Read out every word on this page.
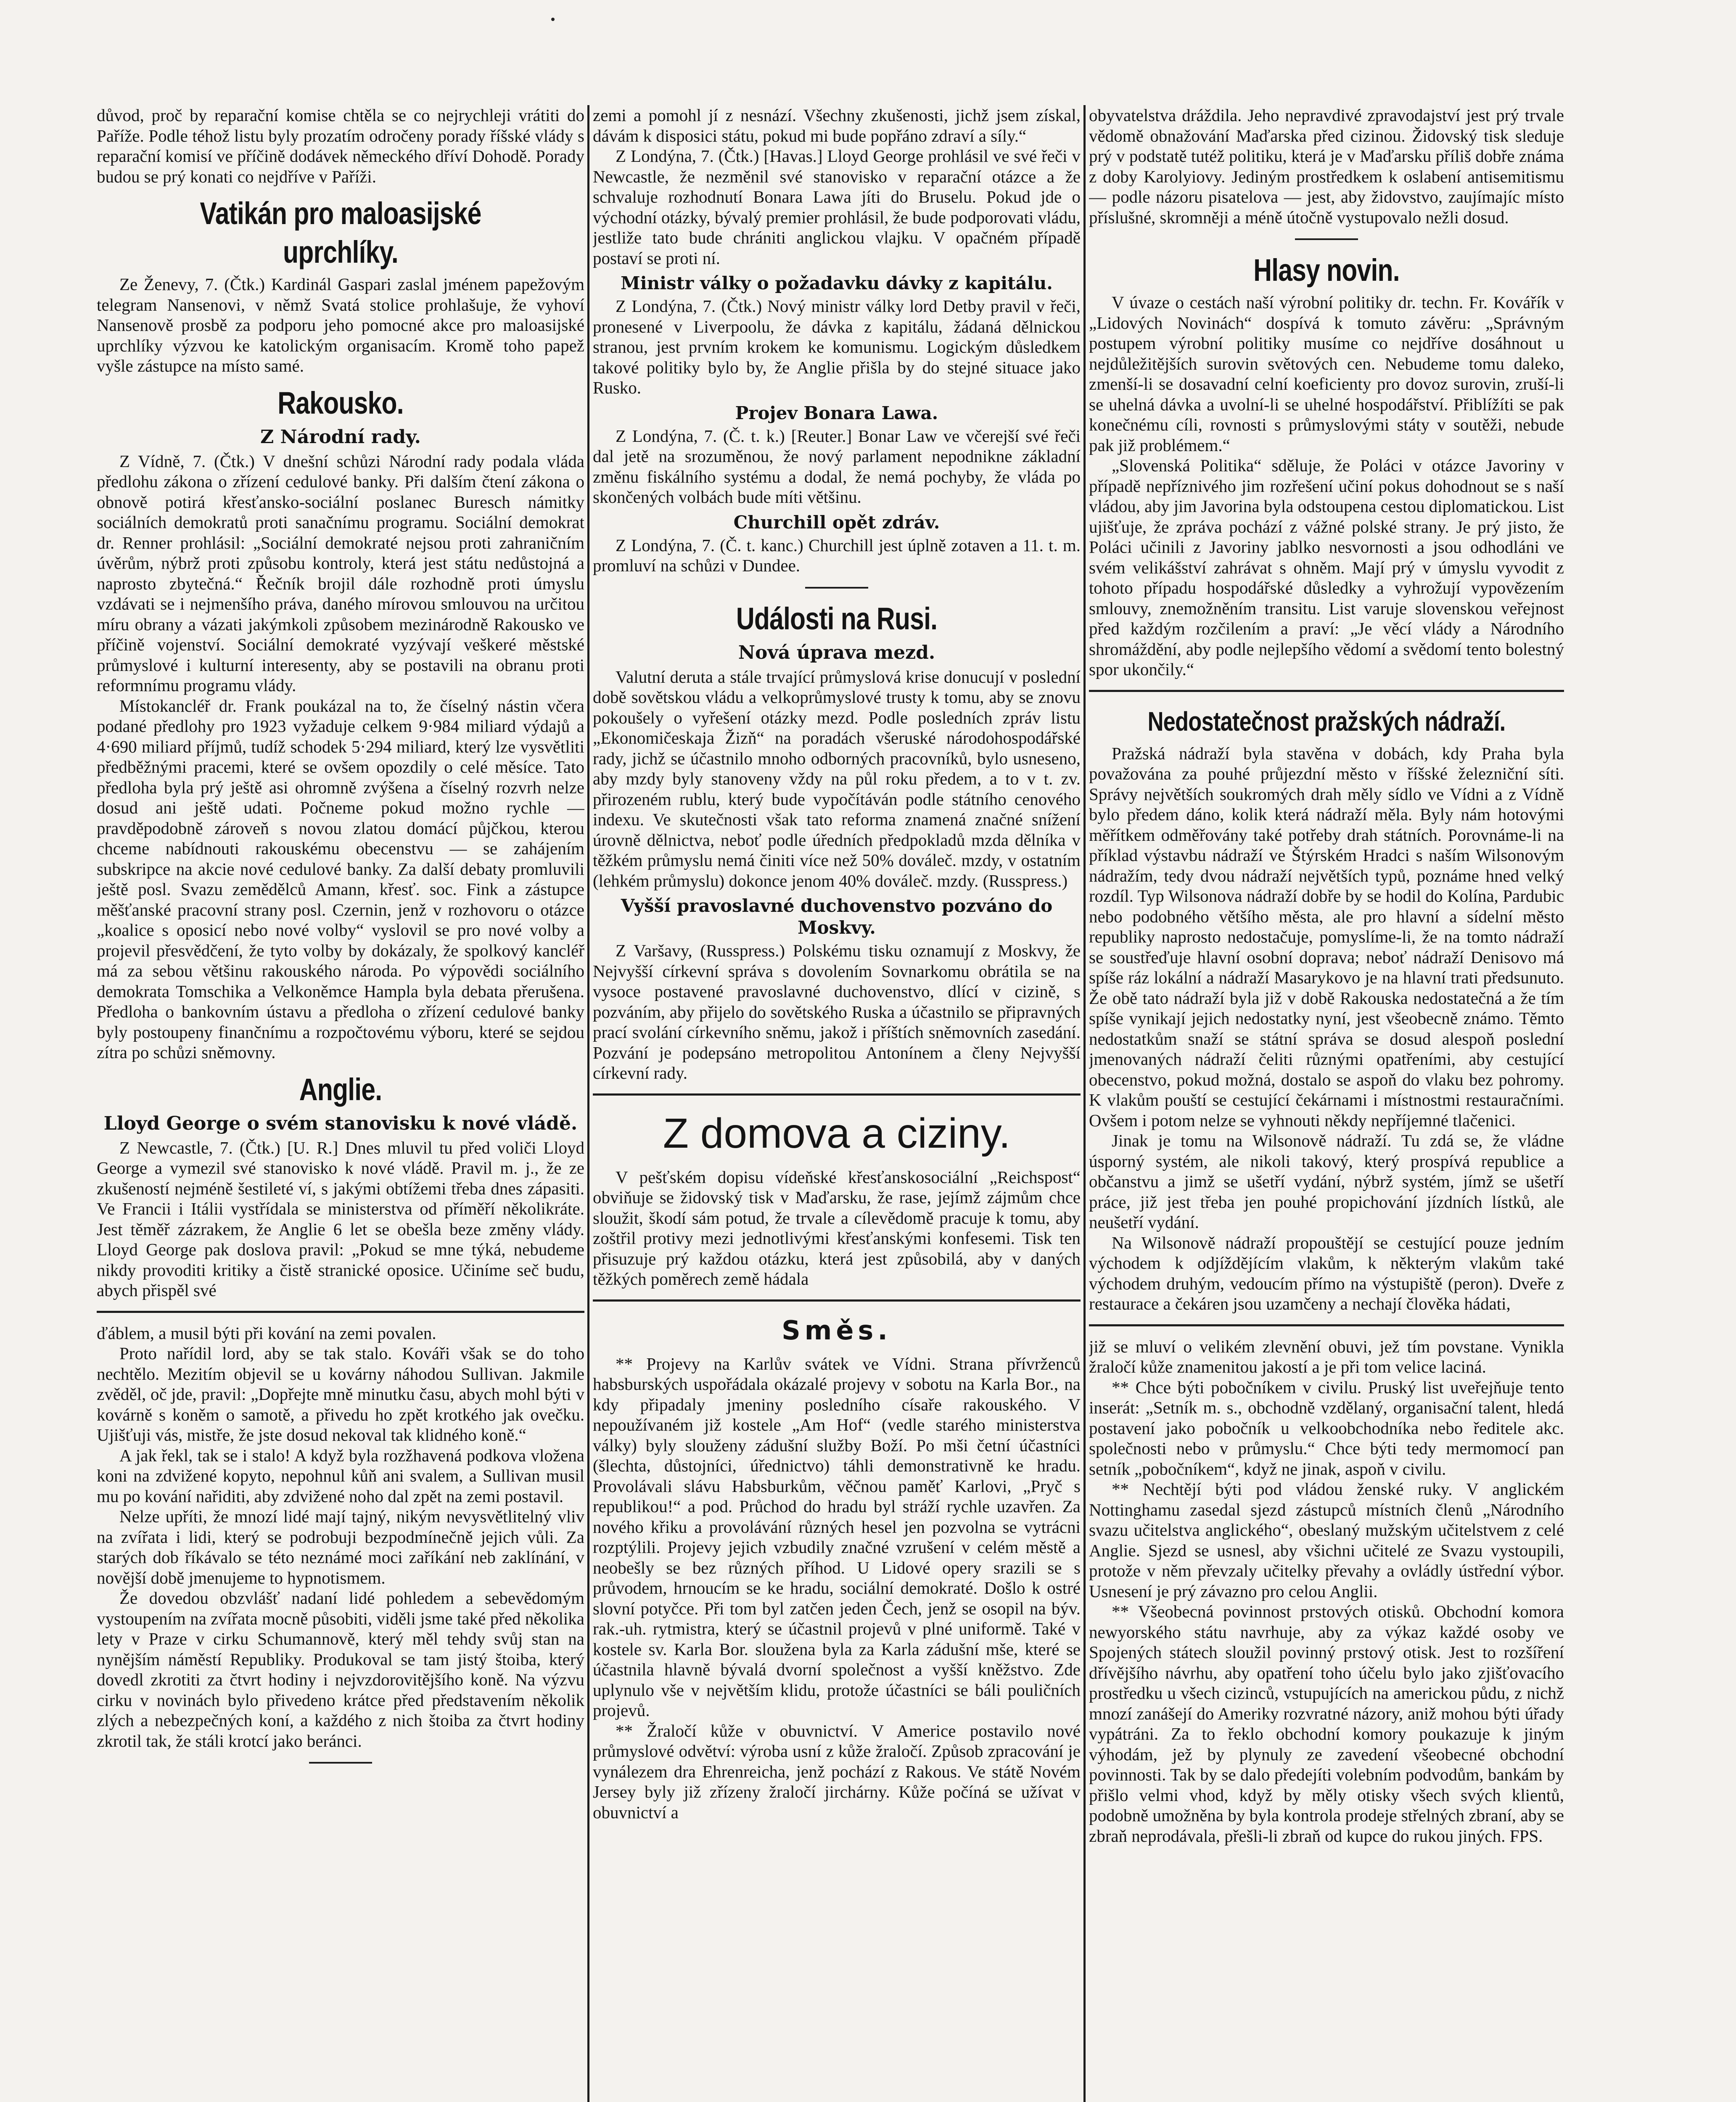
důvod, proč by reparační komise chtěla se co nejrychleji vrátiti do Paříže. Podle téhož listu byly prozatím odročeny porady říšské vlády s reparační komisí ve příčině dodávek německého dříví Dohodě. Porady budou se prý konati co nejdříve v Paříži.

Vatikán pro maloasijské uprchlíky.

Ze Ženevy, 7. (Čtk.) Kardinál Gaspari zaslal jménem papežovým telegram Nansenovi, v němž Svatá stolice prohlašuje, že vyhoví Nansenově prosbě za podporu jeho pomocné akce pro maloasijské uprchlíky výzvou ke katolickým organisacím. Kromě toho papež vyšle zástupce na místo samé.

Rakousko.
Z Národní rady.

Z Vídně, 7. (Čtk.) V dnešní schůzi Národní rady podala vláda předlohu zákona o zřízení cedulové banky. Při dalším čtení zákona o obnově potirá křesťansko-sociální poslanec Buresch námitky sociálních demokratů proti sanačnímu programu. Sociální demokrat dr. Renner prohlásil: „Sociální demokraté nejsou proti zahraničním úvěrům, nýbrž proti způsobu kontroly, která jest státu nedůstojná a naprosto zbytečná.“ Řečník brojil dále rozhodně proti úmyslu vzdávati se i nejmenšího práva, daného mírovou smlouvou na určitou míru obrany a vázati jakýmkoli způsobem mezinárodně Rakousko ve příčině vojenství. Sociální demokraté vyzývají veškeré městské průmyslové i kulturní interesenty, aby se postavili na obranu proti reformnímu programu vlády.

Místokancléř dr. Frank poukázal na to, že číselný nástin včera podané předlohy pro 1923 vyžaduje celkem 9·984 miliard výdajů a 4·690 miliard příjmů, tudíž schodek 5·294 miliard, který lze vysvětliti předběžnými pracemi, které se ovšem opozdily o celé měsíce. Tato předloha byla prý ještě asi ohromně zvýšena a číselný rozvrh nelze dosud ani ještě udati. Počneme pokud možno rychle — pravděpodobně zároveň s novou zlatou domácí půjčkou, kterou chceme nabídnouti rakouskému obecenstvu — se zahájením subskripce na akcie nové cedulové banky. Za další debaty promluvili ještě posl. Svazu zemědělců Amann, křesť. soc. Fink a zástupce měšťanské pracovní strany posl. Czernin, jenž v rozhovoru o otázce „koalice s oposicí nebo nové volby“ vyslovil se pro nové volby a projevil přesvědčení, že tyto volby by dokázaly, že spolkový kancléř má za sebou většinu rakouského národa. Po výpovědi sociálního demokrata Tomschika a Velkoněmce Hampla byla debata přerušena. Předloha o bankovním ústavu a předloha o zřízení cedulové banky byly postoupeny finančnímu a rozpočtovému výboru, které se sejdou zítra po schůzi sněmovny.

Anglie.
Lloyd George o svém stanovisku k nové vládě.

Z Newcastle, 7. (Čtk.) [U. R.] Dnes mluvil tu před voliči Lloyd George a vymezil své stanovisko k nové vládě. Pravil m. j., že ze zkušeností nejméně šestileté ví, s jakými obtížemi třeba dnes zápasiti. Ve Francii i Itálii vystřídala se ministerstva od příměří několikráte. Jest těměř zázrakem, že Anglie 6 let se obešla beze změny vlády. Lloyd George pak doslova pravil: „Pokud se mne týká, nebudeme nikdy provoditi kritiky a čistě stranické oposice. Učiníme seč budu, abych přispěl své

ďáblem, a musil býti při kování na zemi povalen.

Proto nařídil lord, aby se tak stalo. Kováři však se do toho nechtělo. Mezitím objevil se u kovárny náhodou Sullivan. Jakmile zvěděl, oč jde, pravil: „Dopřejte mně minutku času, abych mohl býti v kovárně s koněm o samotě, a přivedu ho zpět krotkého jak ovečku. Ujišťuji vás, mistře, že jste dosud nekoval tak klidného koně.“

A jak řekl, tak se i stalo! A když byla rozžhavená podkova vložena koni na zdvižené kopyto, nepohnul kůň ani svalem, a Sullivan musil mu po kování nařiditi, aby zdvižené noho dal zpět na zemi postavil.

Nelze upříti, že mnozí lidé mají tajný, nikým nevysvětlitelný vliv na zvířata i lidi, který se podrobuji bezpodmínečně jejich vůli. Za starých dob říkávalo se této neznámé moci zaříkání neb zaklínání, v novější době jmenujeme to hypnotismem.

Že dovedou obzvlášť nadaní lidé pohledem a sebevědomým vystoupením na zvířata mocně působiti, viděli jsme také před několika lety v Praze v cirku Schumannově, který měl tehdy svůj stan na nynějším náměstí Republiky. Produkoval se tam jistý štoiba, který dovedl zkrotiti za čtvrt hodiny i nejvzdorovitějšího koně. Na výzvu cirku v novinách bylo přivedeno krátce před představením několik zlých a nebezpečných koní, a každého z nich štoiba za čtvrt hodiny zkrotil tak, že stáli krotcí jako beránci.

zemi a pomohl jí z nesnází. Všechny zkušenosti, jichž jsem získal, dávám k disposici státu, pokud mi bude popřáno zdraví a síly.“

Z Londýna, 7. (Čtk.) [Havas.] Lloyd George prohlásil ve své řeči v Newcastle, že nezměnil své stanovisko v reparační otázce a že schvaluje rozhodnutí Bonara Lawa jíti do Bruselu. Pokud jde o východní otázky, bývalý premier prohlásil, že bude podporovati vládu, jestliže tato bude chrániti anglickou vlajku. V opačném případě postaví se proti ní.

Ministr války o požadavku dávky z kapitálu.

Z Londýna, 7. (Čtk.) Nový ministr války lord Detby pravil v řeči, pronesené v Liverpoolu, že dávka z kapitálu, žádaná dělnickou stranou, jest prvním krokem ke komunismu. Logickým důsledkem takové politiky bylo by, že Anglie přišla by do stejné situace jako Rusko.

Projev Bonara Lawa.

Z Londýna, 7. (Č. t. k.) [Reuter.] Bonar Law ve včerejší své řeči dal jetě na srozuměnou, že nový parlament nepodnikne základní změnu fiskálního systému a dodal, že nemá pochyby, že vláda po skončených volbách bude míti většinu.

Churchill opět zdráv.

Z Londýna, 7. (Č. t. kanc.) Churchill jest úplně zotaven a 11. t. m. promluví na schůzi v Dundee.

Události na Rusi.
Nová úprava mezd.

Valutní deruta a stále trvající průmyslová krise donucují v poslední době sovětskou vládu a velkoprůmyslové trusty k tomu, aby se znovu pokoušely o vyřešení otázky mezd. Podle posledních zpráv listu „Ekonomičeskaja Žizň“ na poradách všeruské národohospodářské rady, jichž se účastnilo mnoho odborných pracovníků, bylo usneseno, aby mzdy byly stanoveny vždy na půl roku předem, a to v t. zv. přirozeném rublu, který bude vypočítáván podle státního cenového indexu. Ve skutečnosti však tato reforma znamená značné snížení úrovně dělnictva, neboť podle úředních předpokladů mzda dělníka v těžkém průmyslu nemá činiti více než 50% dováleč. mzdy, v ostatním (lehkém průmyslu) dokonce jenom 40% dováleč. mzdy. (Russpress.)

Vyšší pravoslavné duchovenstvo pozváno do Moskvy.

Z Varšavy, (Russpress.) Polskému tisku oznamují z Moskvy, že Nejvyšší církevní správa s dovolením Sovnarkomu obrátila se na vysoce postavené pravoslavné duchovenstvo, dlící v cizině, s pozváním, aby přijelo do sovětského Ruska a účastnilo se připravných prací svolání církevního sněmu, jakož i příštích sněmovních zasedání. Pozvání je podepsáno metropolitou Antonínem a členy Nejvyšší církevní rady.

Z domova a ciziny.

V pešťském dopisu vídeňské křesťanskosociální „Reichspost“ obviňuje se židovský tisk v Maďarsku, že rase, jejímž zájmům chce sloužit, škodí sám potud, že trvale a cílevědomě pracuje k tomu, aby zoštřil protivy mezi jednotlivými křesťanskými konfesemi. Tisk ten přisuzuje prý každou otázku, která jest způsobilá, aby v daných těžkých poměrech země hádala

Směs.

** Projevy na Karlův svátek ve Vídni. Strana přívrženců habsburských uspořádala okázalé projevy v sobotu na Karla Bor., na kdy připadaly jmeniny posledního císaře rakouského. V nepoužívaném již kostele „Am Hof“ (vedle starého ministerstva války) byly slouženy zádušní služby Boží. Po mši četní účastníci (šlechta, důstojníci, úřednictvo) táhli demonstrativně ke hradu. Provolávali slávu Habsburkům, věčnou paměť Karlovi, „Pryč s republikou!“ a pod. Průchod do hradu byl stráží rychle uzavřen. Za nového křiku a provolávání různých hesel jen pozvolna se vytrácni rozptýlili. Projevy jejich vzbudily značné vzrušení v celém městě a neobešly se bez různých příhod. U Lidové opery srazili se s průvodem, hrnoucím se ke hradu, sociální demokraté. Došlo k ostré slovní potyčce. Při tom byl zatčen jeden Čech, jenž se osopil na býv. rak.-uh. rytmistra, který se účastnil projevů v plné uniformě. Také v kostele sv. Karla Bor. sloužena byla za Karla zádušní mše, které se účastnila hlavně bývalá dvorní společnost a vyšší kněžstvo. Zde uplynulo vše v největším klidu, protože účastníci se báli pouličních projevů.

** Žraločí kůže v obuvnictví. V Americe postavilo nové průmyslové odvětví: výroba usní z kůže žraločí. Způsob zpracování je vynálezem dra Ehrenreicha, jenž pochází z Rakous. Ve státě Novém Jersey byly již zřízeny žraločí jirchárny. Kůže počíná se užívat v obuvnictví a

obyvatelstva dráždila. Jeho nepravdivé zpravodajství jest prý trvale vědomě obnažování Maďarska před cizinou. Židovský tisk sleduje prý v podstatě tutéž politiku, která je v Maďarsku příliš dobře známa z doby Karolyiovy. Jediným prostředkem k oslabení antisemitismu — podle názoru pisatelova — jest, aby židovstvo, zaujímajíc místo příslušné, skromněji a méně útočně vystupovalo nežli dosud.

Hlasy novin.

V úvaze o cestách naší výrobní politiky dr. techn. Fr. Kovářík v „Lidových Novinách“ dospívá k tomuto závěru: „Správným postupem výrobní politiky musíme co nejdříve dosáhnout u nejdůležitějších surovin světových cen. Nebudeme tomu daleko, zmenší-li se dosavadní celní koeficienty pro dovoz surovin, zruší-li se uhelná dávka a uvolní-li se uhelné hospodářství. Přiblížíti se pak konečnému cíli, rovnosti s průmyslovými státy v soutěži, nebude pak již problémem.“

„Slovenská Politika“ sděluje, že Poláci v otázce Javoriny v případě nepříznivého jim rozřešení učiní pokus dohodnout se s naší vládou, aby jim Javorina byla odstoupena cestou diplomatickou. List ujišťuje, že zpráva pochází z vážné polské strany. Je prý jisto, že Poláci učinili z Javoriny jablko nesvornosti a jsou odhodláni ve svém velikášství zahrávat s ohněm. Mají prý v úmyslu vyvodit z tohoto případu hospodářské důsledky a vyhrožují vypovězením smlouvy, znemožněním transitu. List varuje slovenskou veřejnost před každým rozčilením a praví: „Je věcí vlády a Národního shromáždění, aby podle nejlepšího vědomí a svědomí tento bolestný spor ukončily.“

Nedostatečnost pražských nádraží.

Pražská nádraží byla stavěna v dobách, kdy Praha byla považována za pouhé průjezdní město v říšské železniční síti. Správy největších soukromých drah měly sídlo ve Vídni a z Vídně bylo předem dáno, kolik která nádraží měla. Byly nám hotovými měřítkem odměřovány také potřeby drah státních. Porovnáme-li na příklad výstavbu nádraží ve Štýrském Hradci s naším Wilsonovým nádražím, tedy dvou nádraží největších typů, poznáme hned velký rozdíl. Typ Wilsonova nádraží dobře by se hodil do Kolína, Pardubic nebo podobného většího města, ale pro hlavní a sídelní město republiky naprosto nedostačuje, pomyslíme-li, že na tomto nádraží se soustřeďuje hlavní osobní doprava; neboť nádraží Denisovo má spíše ráz lokální a nádraží Masarykovo je na hlavní trati předsunuto. Že obě tato nádraží byla již v době Rakouska nedostatečná a že tím spíše vynikají jejich nedostatky nyní, jest všeobecně známo. Těmto nedostatkům snaží se státní správa se dosud alespoň poslední jmenovaných nádraží čeliti různými opatřeními, aby cestující obecenstvo, pokud možná, dostalo se aspoň do vlaku bez pohromy. K vlakům pouští se cestující čekárnami i místnostmi restauračními. Ovšem i potom nelze se vyhnouti někdy nepříjemné tlačenici.

Jinak je tomu na Wilsonově nádraží. Tu zdá se, že vládne úsporný systém, ale nikoli takový, který prospívá republice a občanstvu a jimž se ušetří vydání, nýbrž systém, jímž se ušetří práce, již jest třeba jen pouhé propichování jízdních lístků, ale neušetří vydání.

Na Wilsonově nádraží propouštějí se cestující pouze jedním východem k odjíždějícím vlakům, k některým vlakům také východem druhým, vedoucím přímo na výstupiště (peron). Dveře z restaurace a čekáren jsou uzamčeny a nechají člověka hádati,

již se mluví o velikém zlevnění obuvi, jež tím povstane. Vynikla žraločí kůže znamenitou jakostí a je při tom velice laciná.

** Chce býti pobočníkem v civilu. Pruský list uveřejňuje tento inserát: „Setník m. s., obchodně vzdělaný, organisační talent, hledá postavení jako pobočník u velkoobchodníka nebo ředitele akc. společnosti nebo v průmyslu.“ Chce býti tedy mermomocí pan setník „pobočníkem“, když ne jinak, aspoň v civilu.

** Nechtějí býti pod vládou ženské ruky. V anglickém Nottinghamu zasedal sjezd zástupců místních členů „Národního svazu učitelstva anglického“, obeslaný mužským učitelstvem z celé Anglie. Sjezd se usnesl, aby všichni učitelé ze Svazu vystoupili, protože v něm převzaly učitelky převahy a ovládly ústřední výbor. Usnesení je prý závazno pro celou Anglii.

** Všeobecná povinnost prstových otisků. Obchodní komora newyorského státu navrhuje, aby za výkaz každé osoby ve Spojených státech sloužil povinný prstový otisk. Jest to rozšíření dřívějšího návrhu, aby opatření toho účelu bylo jako zjišťovacího prostředku u všech cizinců, vstupujících na americkou půdu, z nichž mnozí zanášejí do Ameriky rozvratné názory, aniž mohou býti úřady vypátráni. Za to řeklo obchodní komory poukazuje k jiným výhodám, jež by plynuly ze zavedení všeobecné obchodní povinnosti. Tak by se dalo předejíti volebním podvodům, bankám by přišlo velmi vhod, když by měly otisky všech svých klientů, podobně umožněna by byla kontrola prodeje střelných zbraní, aby se zbraň neprodávala, přešli-li zbraň od kupce do rukou jiných. FPS.
